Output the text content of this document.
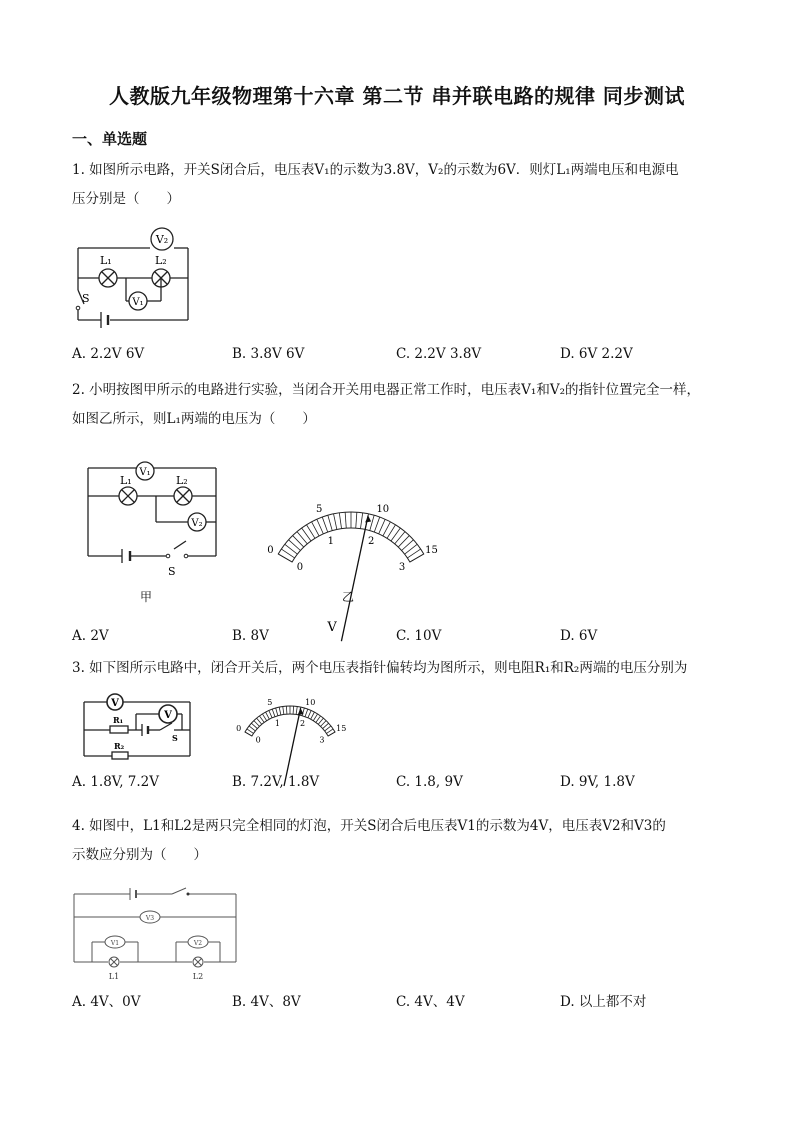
人教版九年级物理第十六章 第二节 串并联电路的规律 同步测试
一、单选题
1. 如图所示电路，开关S闭合后，电压表V₁的示数为3.8V，V₂的示数为6V．则灯L₁两端电压和电源电
压分别是（　　）
V₂
L₁	L₂
V₁
S
A. 2.2V 6V	B. 3.8V 6V	C. 2.2V 3.8V	D. 6V 2.2V
2. 小明按图甲所示的电路进行实验，当闭合开关用电器正常工作时，电压表V₁和V₂的指针位置完全一样，
如图乙所示，则L₁两端的电压为（　　）
V₁
L₁	L₂
V₂
S
甲
0
5	10
15
0
1	2
3
V
乙
A. 2V	B. 8V	C. 10V	D. 6V
3. 如下图所示电路中，闭合开关后，两个电压表指针偏转均为图所示，则电阻R₁和R₂两端的电压分别为
V
V
R₁
R₂
S
0
5	10
15
0
1	2
3
A. 1.8V, 7.2V	B. 7.2V, 1.8V	C. 1.8, 9V	D. 9V, 1.8V
4. 如图中，L1和L2是两只完全相同的灯泡，开关S闭合后电压表V1的示数为4V，电压表V2和V3的
示数应分别为（　　）
V3
V1	V2
L1	L2
A. 4V、0V	B. 4V、8V	C. 4V、4V	D. 以上都不对
